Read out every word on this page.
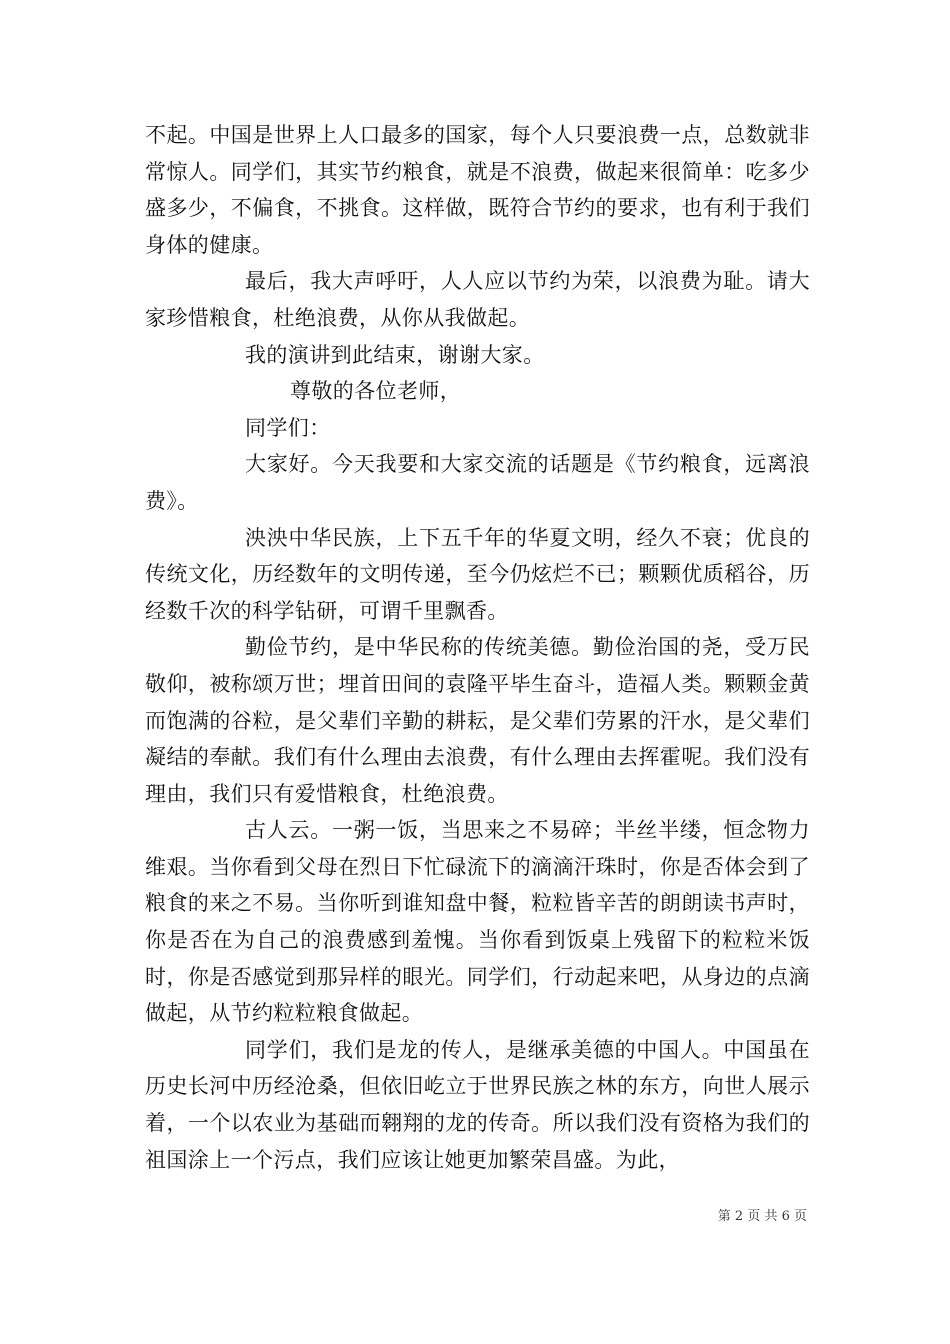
不起。中国是世界上人口最多的国家，每个人只要浪费一点，总数就非常惊人。同学们，其实节约粮食，就是不浪费，做起来很简单：吃多少盛多少，不偏食，不挑食。这样做，既符合节约的要求，也有利于我们身体的健康。

最后，我大声呼吁，人人应以节约为荣，以浪费为耻。请大家珍惜粮食，杜绝浪费，从你从我做起。

我的演讲到此结束，谢谢大家。

尊敬的各位老师，

同学们：

大家好。今天我要和大家交流的话题是《节约粮食，远离浪费》。

泱泱中华民族，上下五千年的华夏文明，经久不衰；优良的传统文化，历经数年的文明传递，至今仍炫烂不已；颗颗优质稻谷，历经数千次的科学钻研，可谓千里飘香。

勤俭节约，是中华民称的传统美德。勤俭治国的尧，受万民敬仰，被称颂万世；埋首田间的袁隆平毕生奋斗，造福人类。颗颗金黄而饱满的谷粒，是父辈们辛勤的耕耘，是父辈们劳累的汗水，是父辈们凝结的奉献。我们有什么理由去浪费，有什么理由去挥霍呢。我们没有理由，我们只有爱惜粮食，杜绝浪费。

古人云。一粥一饭，当思来之不易碎；半丝半缕，恒念物力维艰。当你看到父母在烈日下忙碌流下的滴滴汗珠时，你是否体会到了粮食的来之不易。当你听到谁知盘中餐，粒粒皆辛苦的朗朗读书声时，你是否在为自己的浪费感到羞愧。当你看到饭桌上残留下的粒粒米饭时，你是否感觉到那异样的眼光。同学们，行动起来吧，从身边的点滴做起，从节约粒粒粮食做起。

同学们，我们是龙的传人，是继承美德的中国人。中国虽在历史长河中历经沧桑，但依旧屹立于世界民族之林的东方，向世人展示着，一个以农业为基础而翱翔的龙的传奇。所以我们没有资格为我们的祖国涂上一个污点，我们应该让她更加繁荣昌盛。为此，

第 2 页 共 6 页
